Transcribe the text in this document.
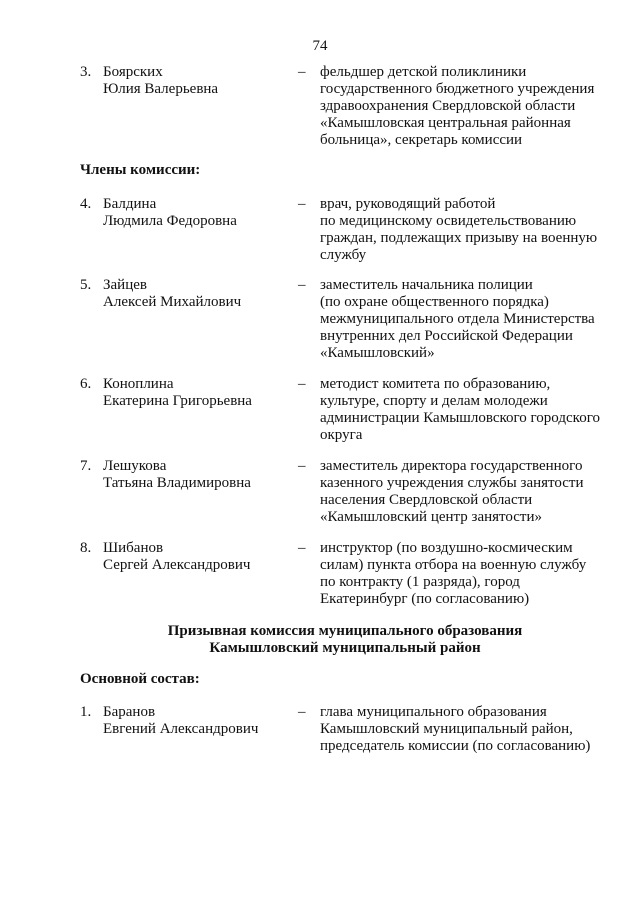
74
3. Боярских
Юлия Валерьевна
– фельдшер детской поликлиники
государственного бюджетного учреждения
здравоохранения Свердловской области
«Камышловская центральная районная
больница», секретарь комиссии
Члены комиссии:
4. Балдина
Людмила Федоровна
– врач, руководящий работой
по медицинскому освидетельствованию
граждан, подлежащих призыву на военную
службу
5. Зайцев
Алексей Михайлович
– заместитель начальника полиции
(по охране общественного порядка)
межмуниципального отдела Министерства
внутренних дел Российской Федерации
«Камышловский»
6. Коноплина
Екатерина Григорьевна
– методист комитета по образованию,
культуре, спорту и делам молодежи
администрации Камышловского городского
округа
7. Лешукова
Татьяна Владимировна
– заместитель директора государственного
казенного учреждения службы занятости
населения Свердловской области
«Камышловский центр занятости»
8. Шибанов
Сергей Александрович
– инструктор (по воздушно-космическим
силам) пункта отбора на военную службу
по контракту (1 разряда), город
Екатеринбург (по согласованию)
Призывная комиссия муниципального образования
Камышловский муниципальный район
Основной состав:
1. Баранов
Евгений Александрович
– глава муниципального образования
Камышловский муниципальный район,
председатель комиссии (по согласованию)
